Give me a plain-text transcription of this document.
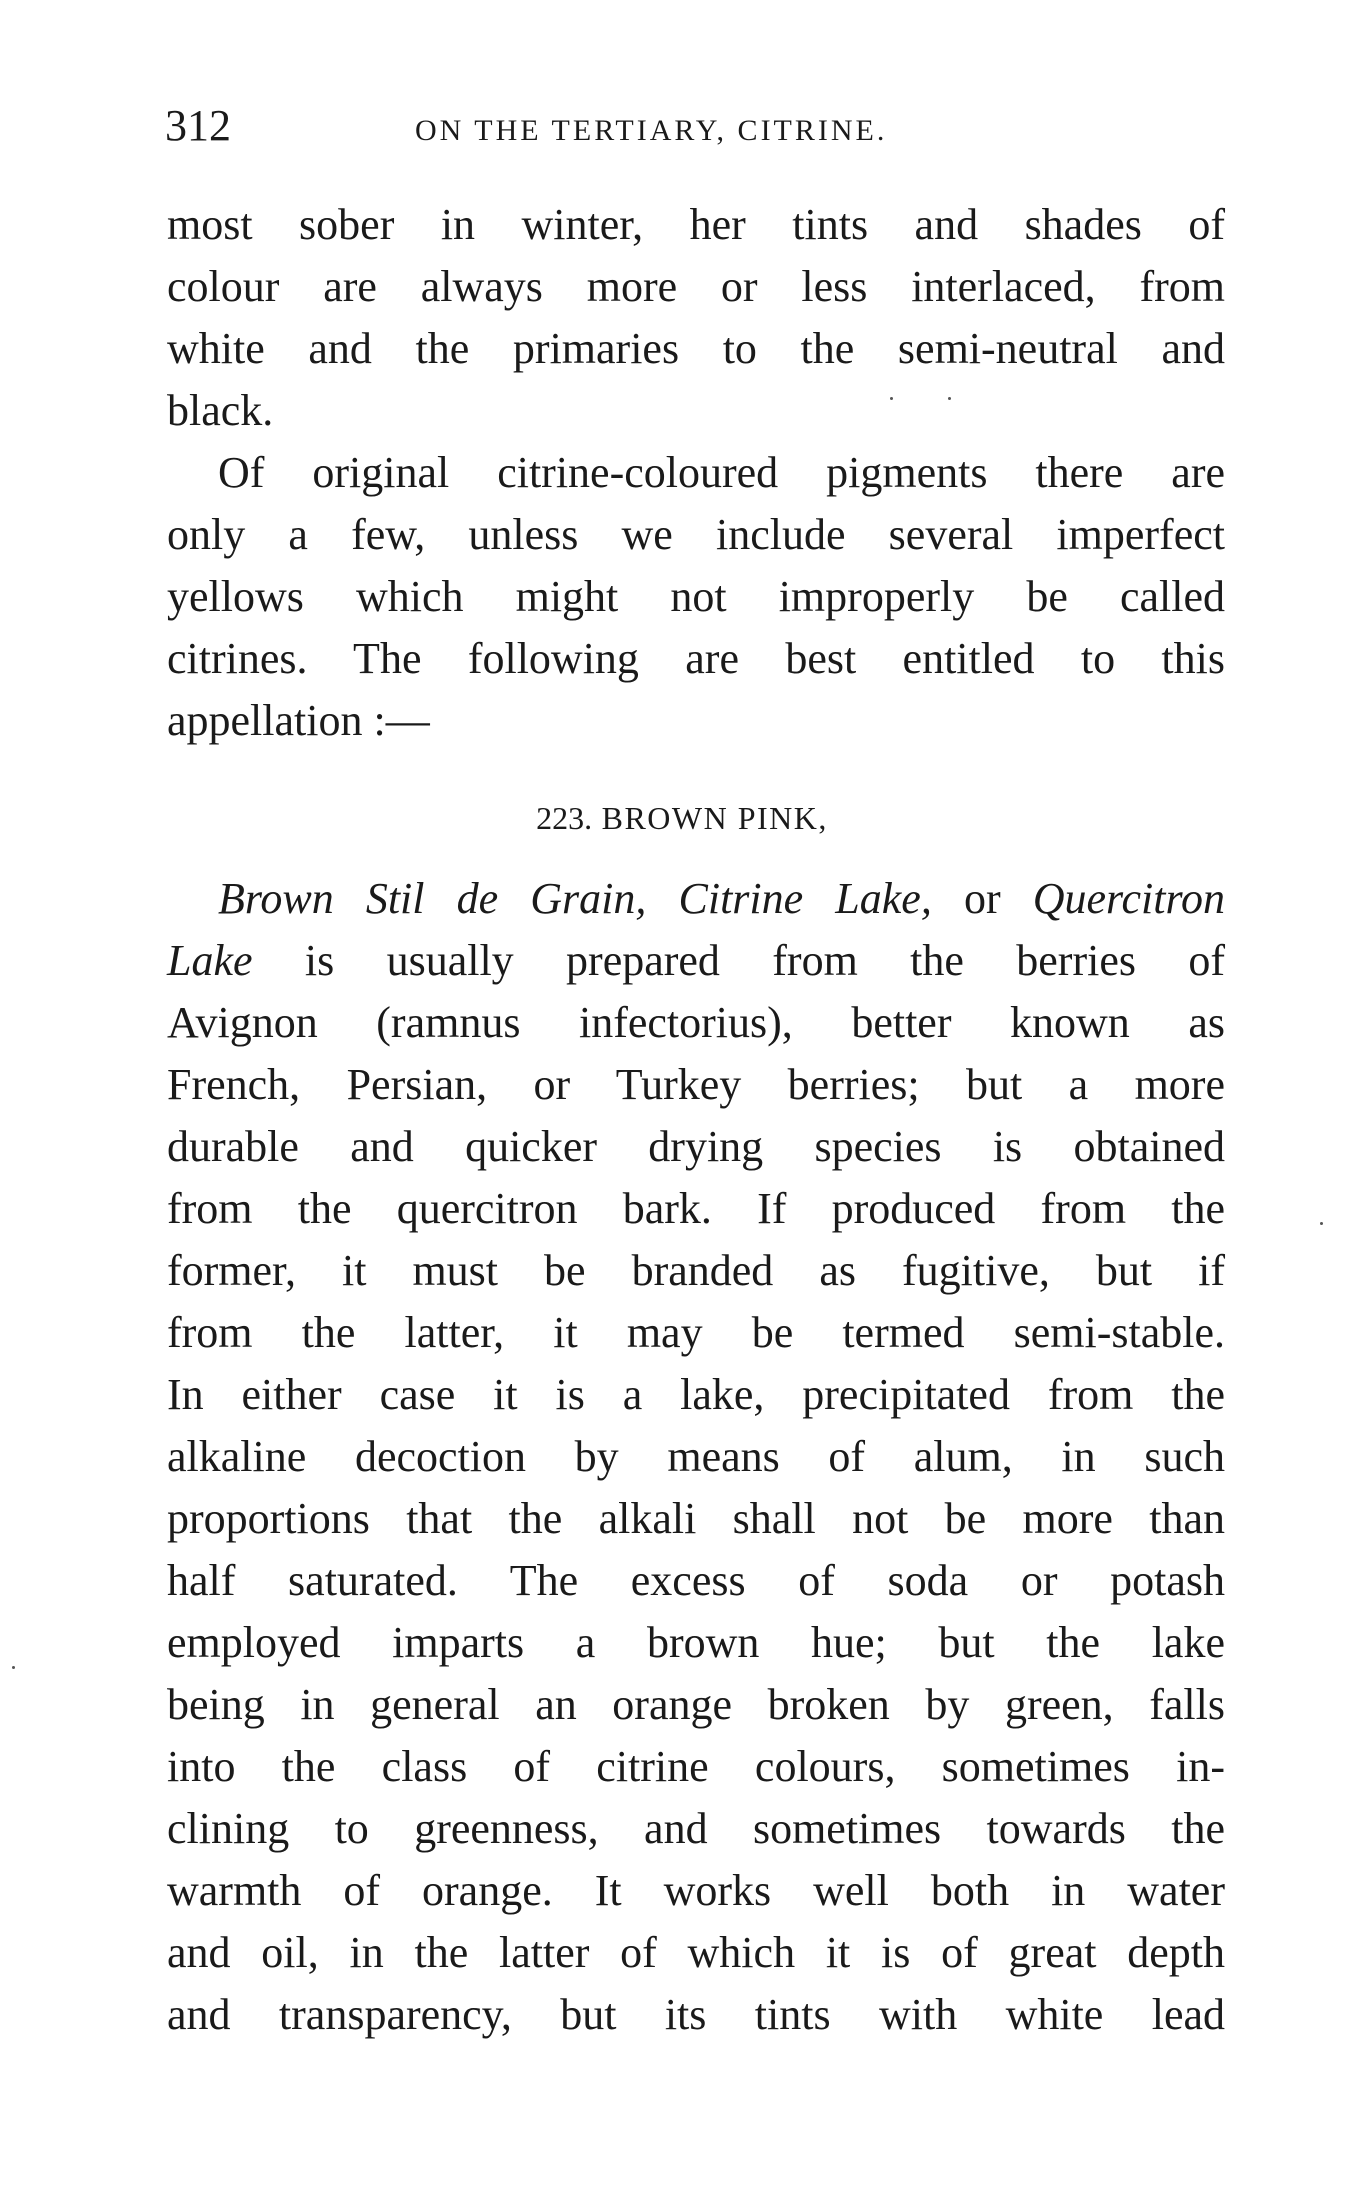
312	ON THE TERTIARY, CITRINE.
most sober in winter, her tints and shades of
colour are always more or less interlaced, from
white and the primaries to the semi-neutral and
black.
Of original citrine-coloured pigments there are
only a few, unless we include several imperfect
yellows which might not improperly be called
citrines. The following are best entitled to this
appellation :—
223. BROWN PINK,
Brown Stil de Grain, Citrine Lake, or Quercitron
Lake is usually prepared from the berries of
Avignon (ramnus infectorius), better known as
French, Persian, or Turkey berries; but a more
durable and quicker drying species is obtained
from the quercitron bark. If produced from the
former, it must be branded as fugitive, but if
from the latter, it may be termed semi-stable.
In either case it is a lake, precipitated from the
alkaline decoction by means of alum, in such
proportions that the alkali shall not be more than
half saturated. The excess of soda or potash
employed imparts a brown hue; but the lake
being in general an orange broken by green, falls
into the class of citrine colours, sometimes in-
clining to greenness, and sometimes towards the
warmth of orange. It works well both in water
and oil, in the latter of which it is of great depth
and transparency, but its tints with white lead
